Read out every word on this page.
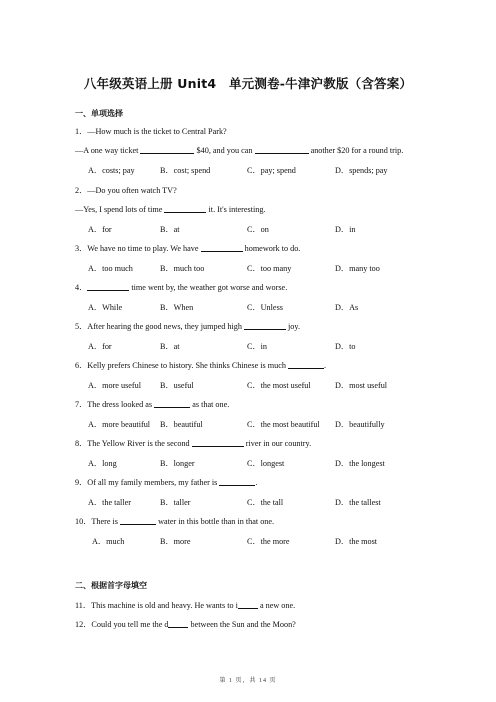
八年级英语上册 Unit4　单元测卷-牛津沪教版（含答案）
一、单项选择
1．—How much is the ticket to Central Park?
—A one way ticket	$40, and you can	another $20 for a round trip.
A．costs; pay	B．cost; spend	C．pay; spend	D．spends; pay
2．—Do you often watch TV?
—Yes, I spend lots of time	it. It's interesting.
A．for	B．at	C．on	D．in
3．We have no time to play. We have	homework to do.
A．too much	B．much too	C．too many	D．many too
4．	time went by, the weather got worse and worse.
A．While	B．When	C．Unless	D．As
5．After hearing the good news, they jumped high	joy.
A．for	B．at	C．in	D．to
6．Kelly prefers Chinese to history. She thinks Chinese is much	.
A．more useful B．useful	C．the most useful	D．most useful
7．The dress looked as	as that one.
A．more beautiful B．beautiful	C．the most beautiful D．beautifully
8．The Yellow River is the second	river in our country.
A．long	B．longer	C．longest	D．the longest
9．Of all my family members, my father is	.
A．the taller	B．taller	C．the tall	D．the tallest
10．There is	water in this bottle than in that one.
A．much	B．more	C．the more	D．the most
二、根据首字母填空
11．This machine is old and heavy. He wants to i a new one.
12．Could you tell me the d between the Sun and the Moon?
第 1 页，共 14 页
